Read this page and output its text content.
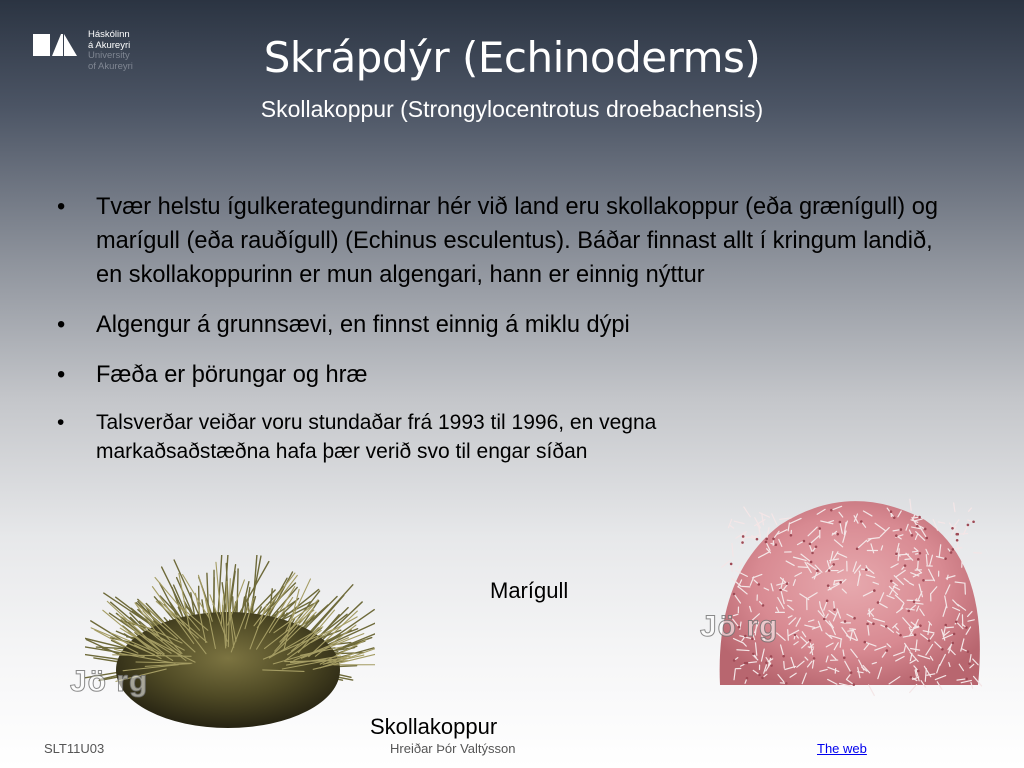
Háskólinn
á Akureyri
University
of Akureyri	Skrápdýr (Echinoderms)
Skollakoppur (Strongylocentrotus droebachensis)
• Tvær helstu ígulkerategundirnar hér við land eru skollakoppur (eða grænígull) og marígull (eða rauðígull) (Echinus esculentus). Báðar finnast allt í kringum landið, en skollakoppurinn er mun algengari, hann er einnig nýttur
• Algengur á grunnsævi, en finnst einnig á miklu dýpi
• Fæða er þörungar og hræ
• Talsverðar veiðar voru stundaðar frá 1993 til 1996, en vegna markaðsaðstæðna hafa þær verið svo til engar síðan
Jö rg
Skollakoppur
Marígull
Jö rg
SLT11U03	Hreiðar Þór Valtýsson	The web
